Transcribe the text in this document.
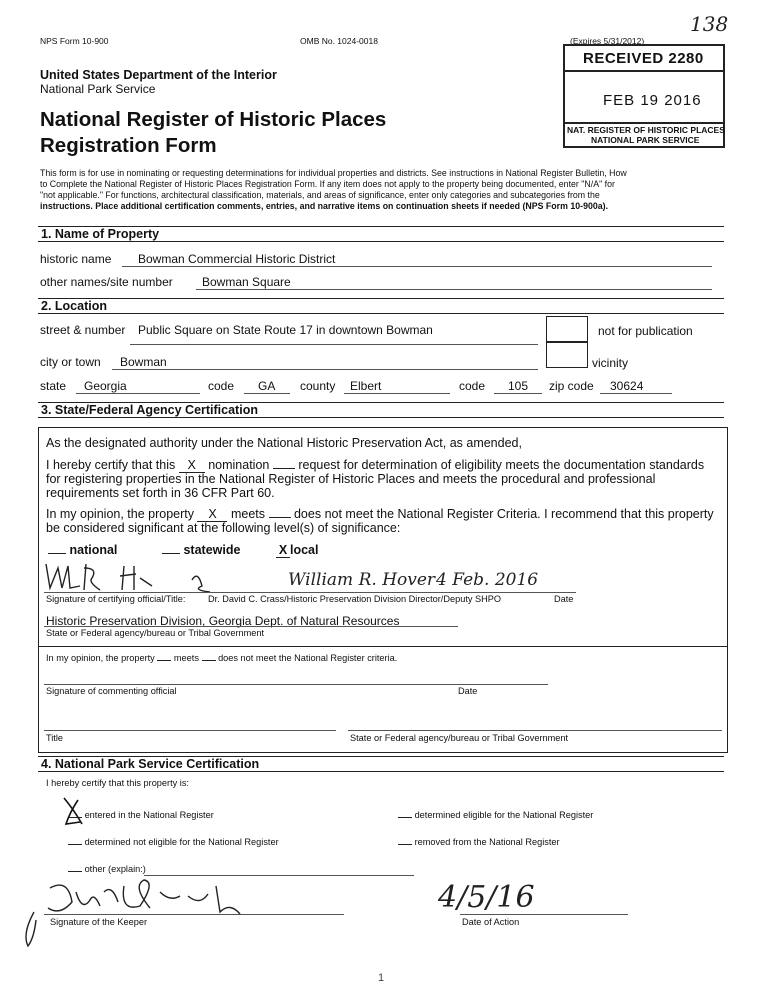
NPS Form 10-900	OMB No. 1024-0018	(Expires 5/31/2012)
138
RECEIVED 2280
FEB 19 2016
NAT. REGISTER OF HISTORIC PLACES
NATIONAL PARK SERVICE
United States Department of the Interior
National Park Service
National Register of Historic Places
Registration Form
This form is for use in nominating or requesting determinations for individual properties and districts. See instructions in National Register Bulletin, How
to Complete the National Register of Historic Places Registration Form. If any item does not apply to the property being documented, enter "N/A" for
"not applicable." For functions, architectural classification, materials, and areas of significance, enter only categories and subcategories from the
instructions. Place additional certification comments, entries, and narrative items on continuation sheets if needed (NPS Form 10-900a).
1. Name of Property
historic name Bowman Commercial Historic District
other names/site number Bowman Square
2. Location
street & number Public Square on State Route 17 in downtown Bowman	not for publication
city or town Bowman	vicinity
state Georgia	code GA county Elbert	code 105 zip code 30624
3. State/Federal Agency Certification
As the designated authority under the National Historic Preservation Act, as amended,
I hereby certify that this X nomination request for determination of eligibility meets the documentation standards
for registering properties in the National Register of Historic Places and meets the procedural and professional
requirements set forth in 36 CFR Part 60.
In my opinion, the property X meets does not meet the National Register Criteria. I recommend that this property
be considered significant at the following level(s) of significance:
national	statewide	X local
William R. Hover 4 Feb. 2016
Signature of certifying official/Title: Dr. David C. Crass/Historic Preservation Division Director/Deputy SHPO	Date
Historic Preservation Division, Georgia Dept. of Natural Resources
State or Federal agency/bureau or Tribal Government
In my opinion, the property meets does not meet the National Register criteria.
Signature of commenting official	Date
Title	State or Federal agency/bureau or Tribal Government
4. National Park Service Certification
I hereby certify that this property is:
entered in the National Register	determined eligible for the National Register
determined not eligible for the National Register	removed from the National Register
other (explain:)
Signature of the Keeper
4/5/16
Date of Action
1
